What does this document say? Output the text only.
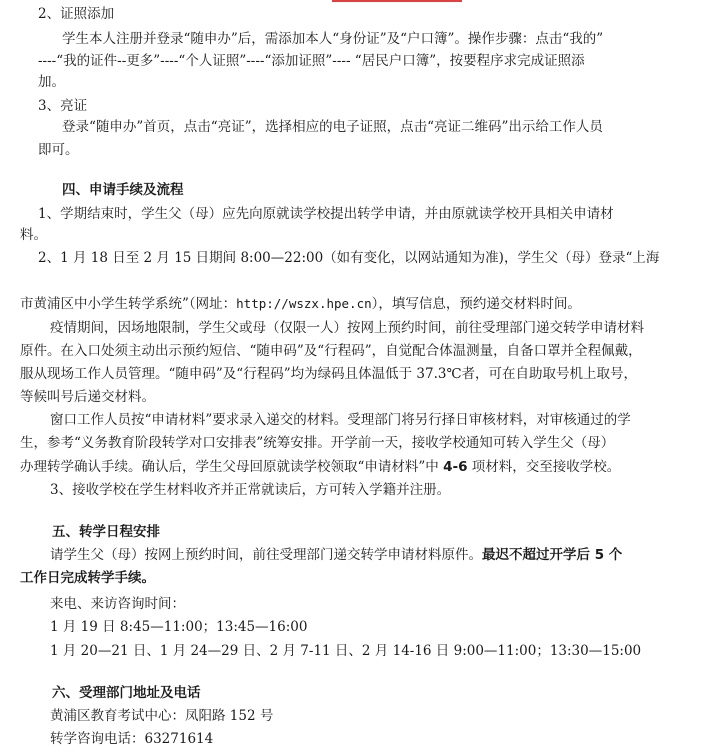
2、证照添加
学生本人注册并登录“随申办”后，需添加本人“身份证”及“户口簿”。操作步骤：点击“我的”
----“我的证件--更多”----“个人证照”----“添加证照”---- “居民户口簿”，按要程序求完成证照添
加。
3、亮证
登录“随申办”首页，点击“亮证”，选择相应的电子证照，点击“亮证二维码”出示给工作人员
即可。
四、申请手续及流程
1、学期结束时，学生父（母）应先向原就读学校提出转学申请，并由原就读学校开具相关申请材
料。
2、1 月 18 日至 2 月 15 日期间 8:00—22:00（如有变化，以网站通知为准)，学生父（母）登录“上海
市黄浦区中小学生转学系统”（网址：http://wszx.hpe.cn），填写信息，预约递交材料时间。
疫情期间，因场地限制，学生父或母（仅限一人）按网上预约时间，前往受理部门递交转学申请材料
原件。在入口处须主动出示预约短信、“随申码”及“行程码”，自觉配合体温测量，自备口罩并全程佩戴，
服从现场工作人员管理。“随申码”及“行程码”均为绿码且体温低于 37.3℃者，可在自助取号机上取号，
等候叫号后递交材料。
窗口工作人员按“申请材料”要求录入递交的材料。受理部门将另行择日审核材料，对审核通过的学
生，参考“义务教育阶段转学对口安排表”统筹安排。开学前一天，接收学校通知可转入学生父（母）
办理转学确认手续。确认后，学生父母回原就读学校领取“申请材料”中 4-6 项材料，交至接收学校。
3、接收学校在学生材料收齐并正常就读后，方可转入学籍并注册。
五、转学日程安排
请学生父（母）按网上预约时间，前往受理部门递交转学申请材料原件。最迟不超过开学后 5 个
工作日完成转学手续。
来电、来访咨询时间：
1 月 19 日 8:45—11:00；13:45—16:00
1 月 20—21 日、1 月 24—29 日、2 月 7-11 日、2 月 14-16 日 9:00—11:00；13:30—15:00
六、受理部门地址及电话
黄浦区教育考试中心：凤阳路 152 号
转学咨询电话：63271614
